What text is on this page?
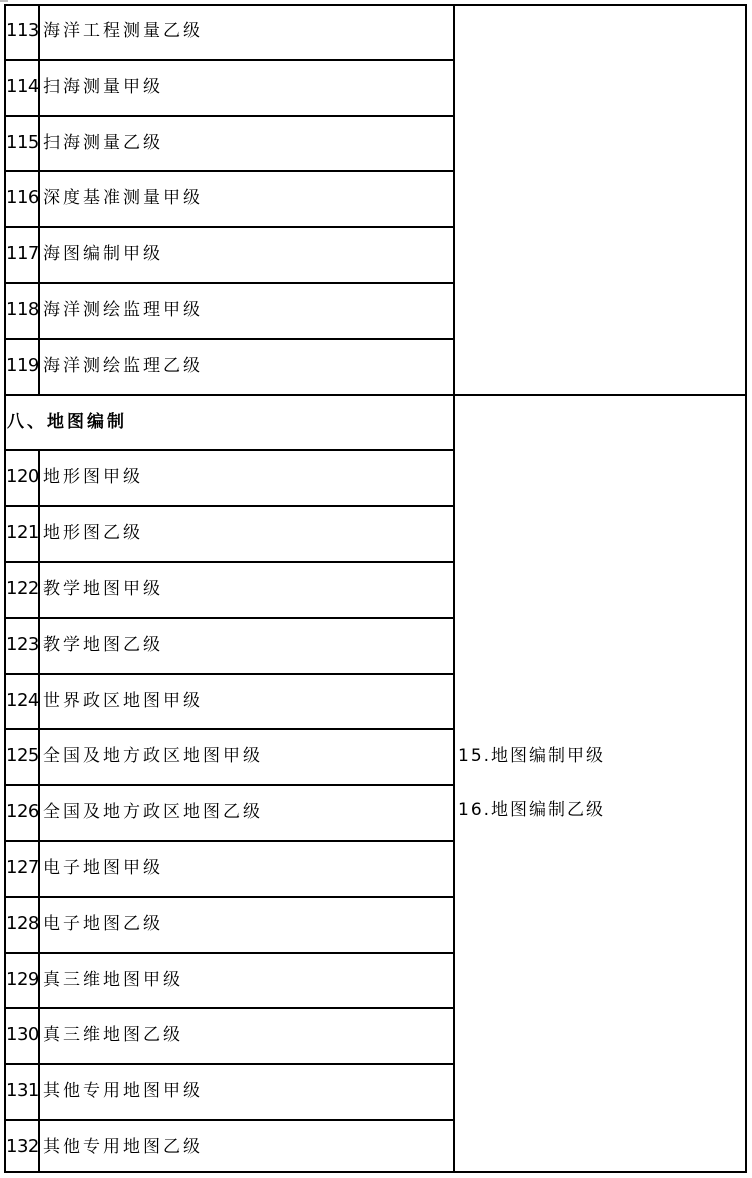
113 海洋工程测量乙级
114 扫海测量甲级
115 扫海测量乙级
116 深度基准测量甲级
117 海图编制甲级
118 海洋测绘监理甲级
119 海洋测绘监理乙级
八、地图编制
120 地形图甲级
121 地形图乙级
122 教学地图甲级
123 教学地图乙级
124 世界政区地图甲级
125 全国及地方政区地图甲级
126 全国及地方政区地图乙级
127 电子地图甲级
128 电子地图乙级
129 真三维地图甲级
130 真三维地图乙级
131 其他专用地图甲级
132 其他专用地图乙级
15.地图编制甲级
16.地图编制乙级
